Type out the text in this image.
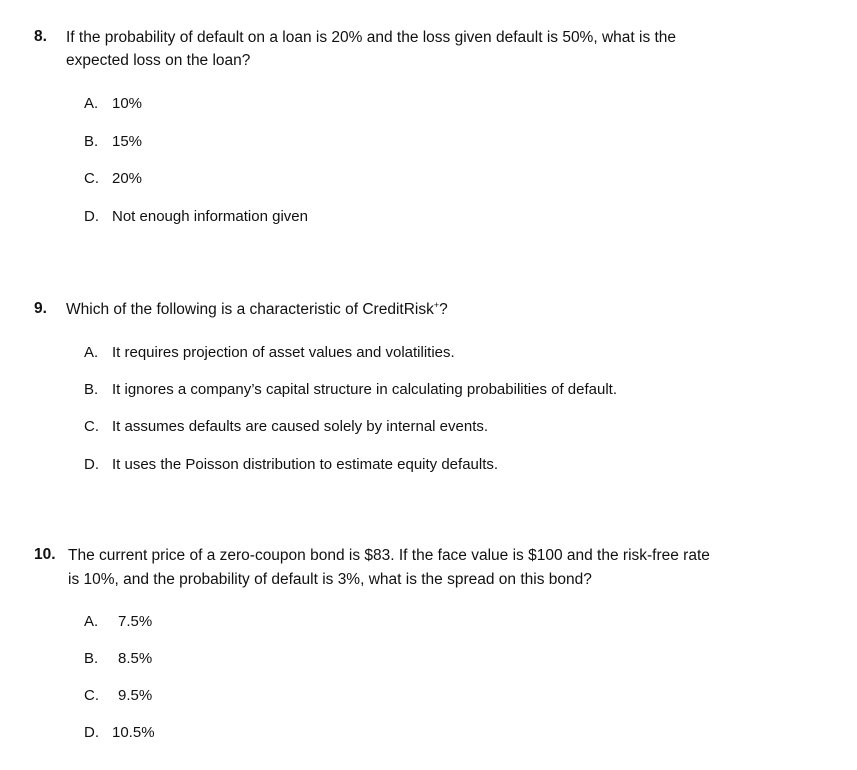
8. If the probability of default on a loan is 20% and the loss given default is 50%, what is the
expected loss on the loan?
A. 10%
B. 15%
C. 20%
D. Not enough information given
9. Which of the following is a characteristic of CreditRisk+?
A. It requires projection of asset values and volatilities.
B. It ignores a company’s capital structure in calculating probabilities of default.
C. It assumes defaults are caused solely by internal events.
D. It uses the Poisson distribution to estimate equity defaults.
10. The current price of a zero-coupon bond is $83. If the face value is $100 and the risk-free rate
is 10%, and the probability of default is 3%, what is the spread on this bond?
A. 7.5%
B. 8.5%
C. 9.5%
D. 10.5%
